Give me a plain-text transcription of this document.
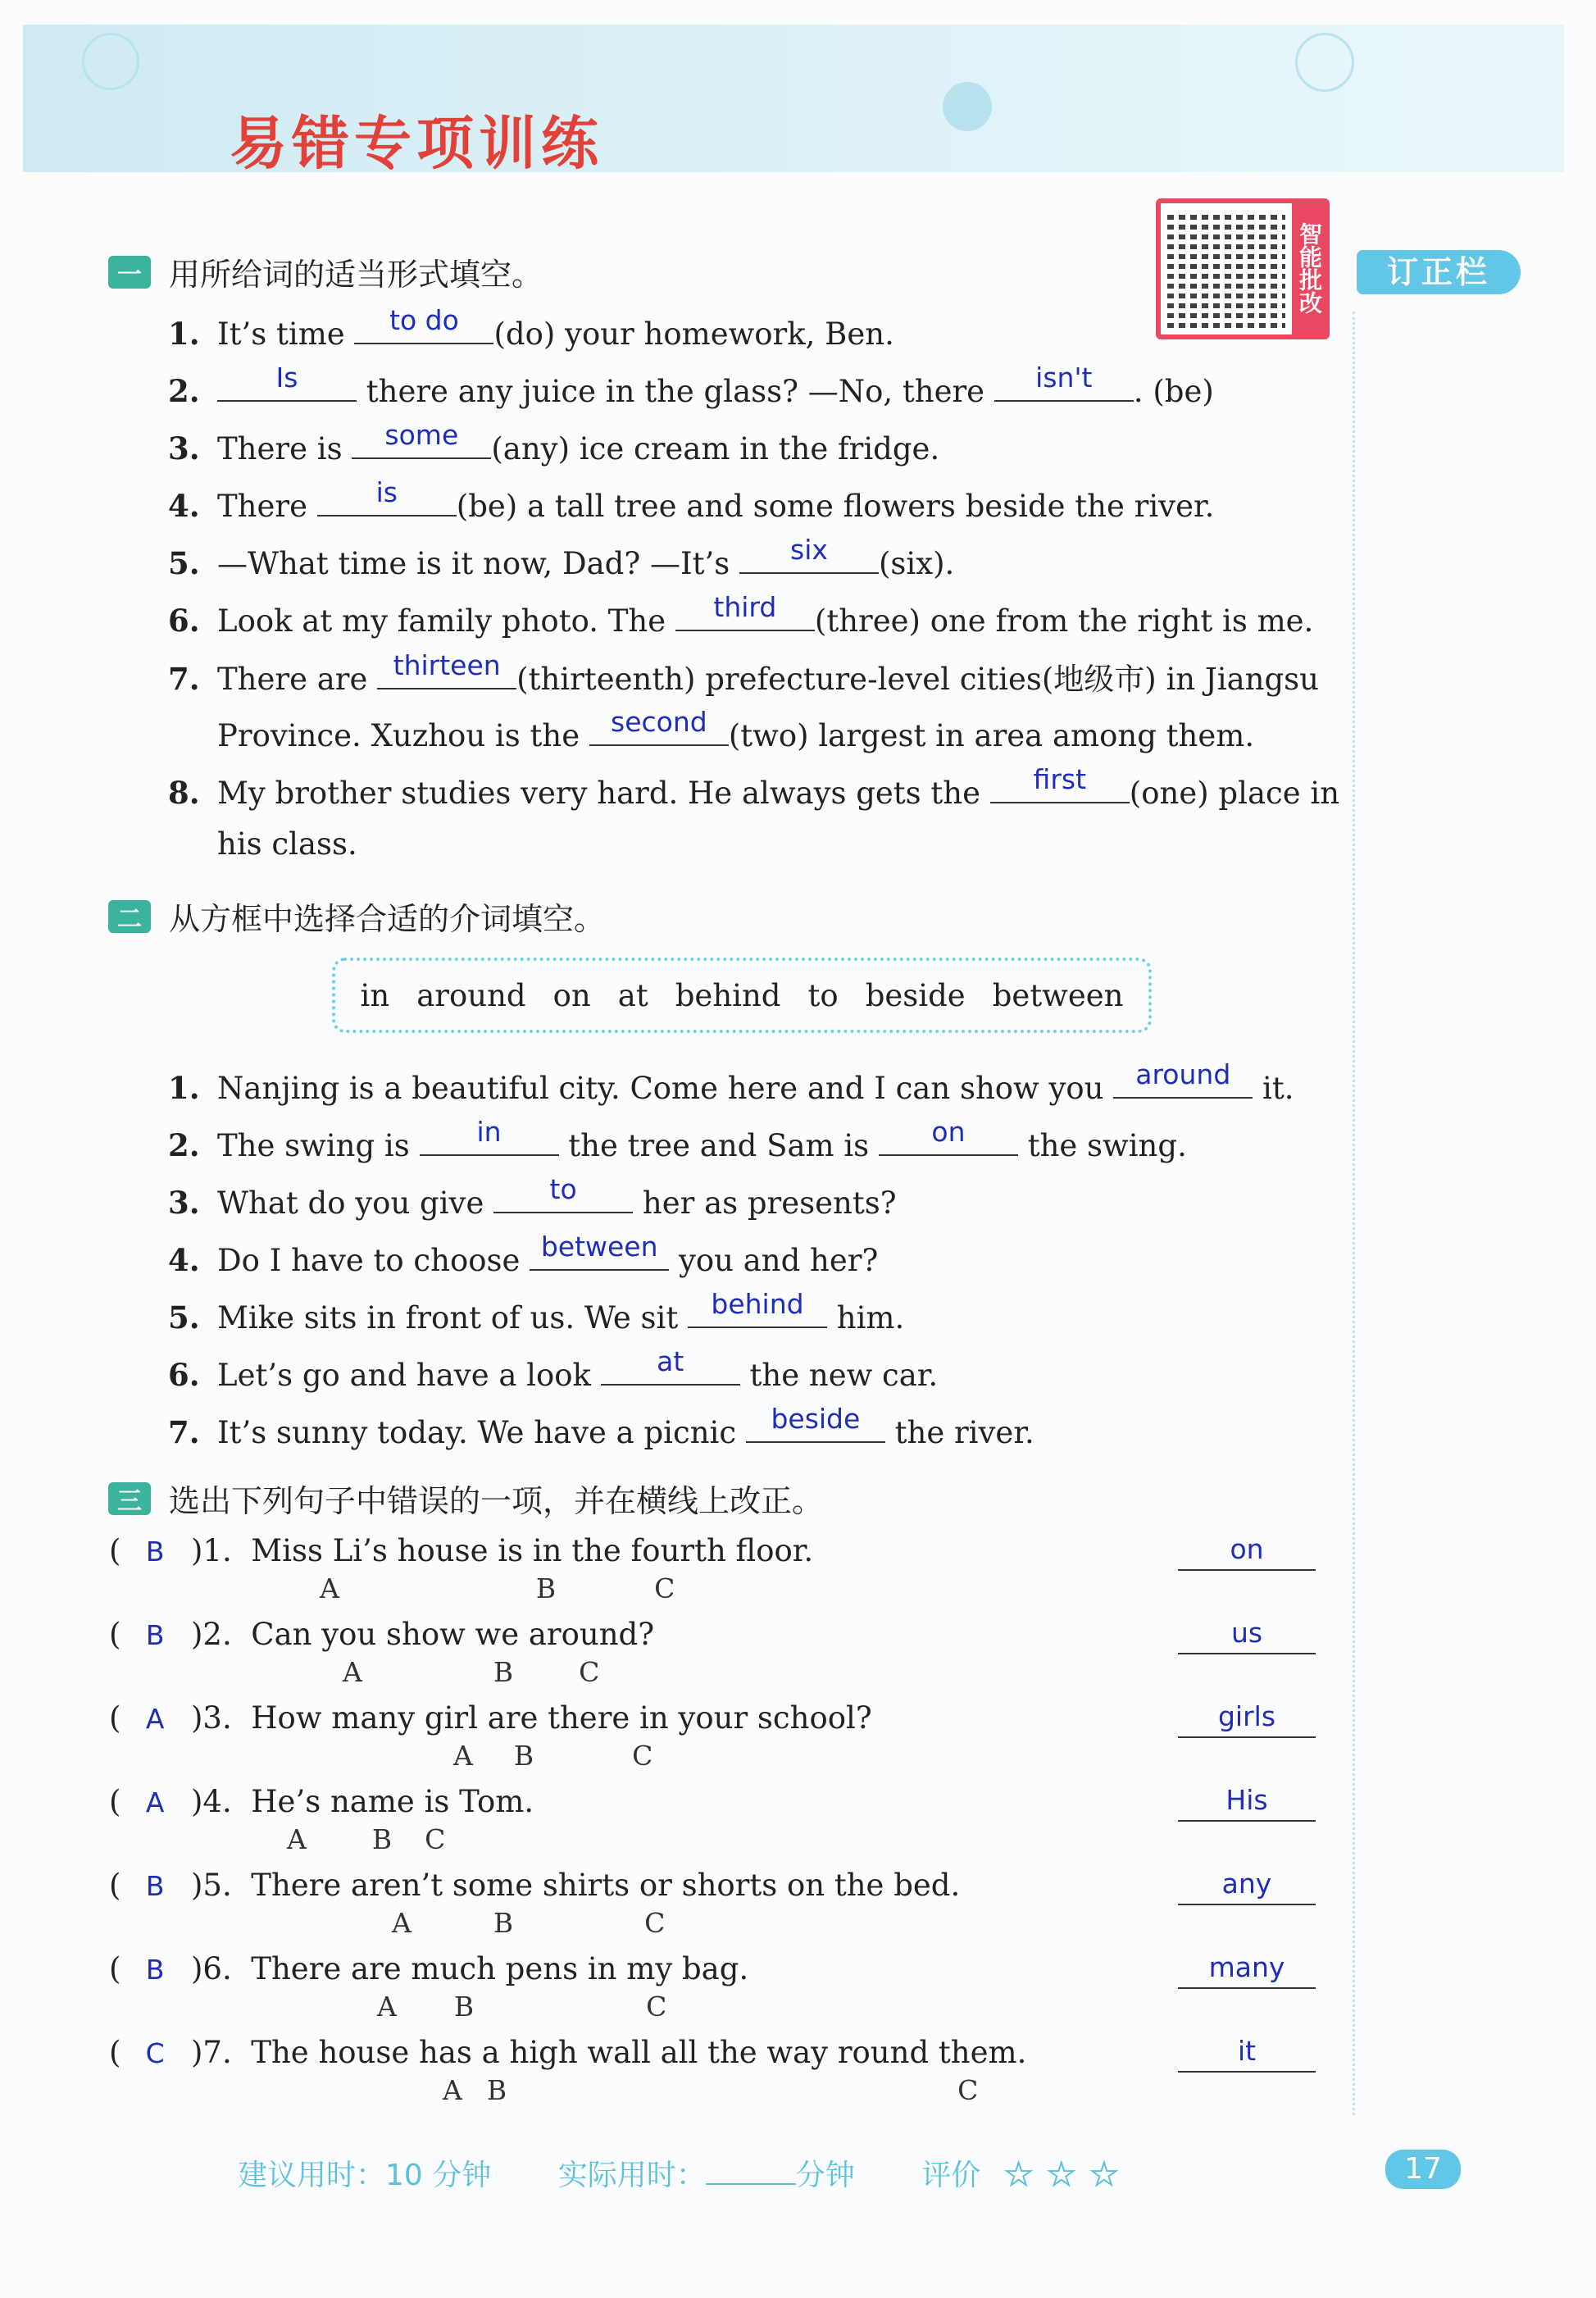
易错专项训练
智能批改	订正栏
一 用所给词的适当形式填空。
1. It’s time	to do	(do) your homework, Ben.
2.	Is	there any juice in the glass? —No, there	isn't	. (be)
3. There is	some	(any) ice cream in the fridge.
4. There	is	(be) a tall tree and some flowers beside the river.
5. —What time is it now, Dad? —It’s	six	(six).
6. Look at my family photo. The	third	(three) one from the right is me.
7. There are thirteen (thirteenth) prefecture-level cities(地级市) in Jiangsu
Province. Xuzhou is the	second (two) largest in area among them.
8. My brother studies very hard. He always gets the	first	(one) place in
his class.
二 从方框中选择合适的介词填空。
in around on at behind to beside between
1. Nanjing is a beautiful city. Come here and I can show you	around	it.
2. The swing is	in	the tree and Sam is	on	the swing.
3. What do you give	to	her as presents?
4. Do I have to choose between you and her?
5. Mike sits in front of us. We sit	behind	him.
6. Let’s go and have a look	at	the new car.
7. It’s sunny today. We have a picnic	beside	the river.
三 选出下列句子中错误的一项，并在横线上改正。
( B )1. Miss Li’s house is in the fourth floor.
A	B	C
on
( B )2. Can you show we around?
A	B C
us
( A )3. How many girl are there in your school?
A B	C
girls
( A )4. He’s name is Tom.
A B C
His
( B )5. There aren’t some shirts or shorts on the bed.
A	B	C
any
( B )6. There are much pens in my bag.
A B	C
many
( C )7. The house has a high wall all the way round them.
A B	C
it
建议用时：10 分钟 实际用时：	分钟 评价 ★ ★ ★	17
